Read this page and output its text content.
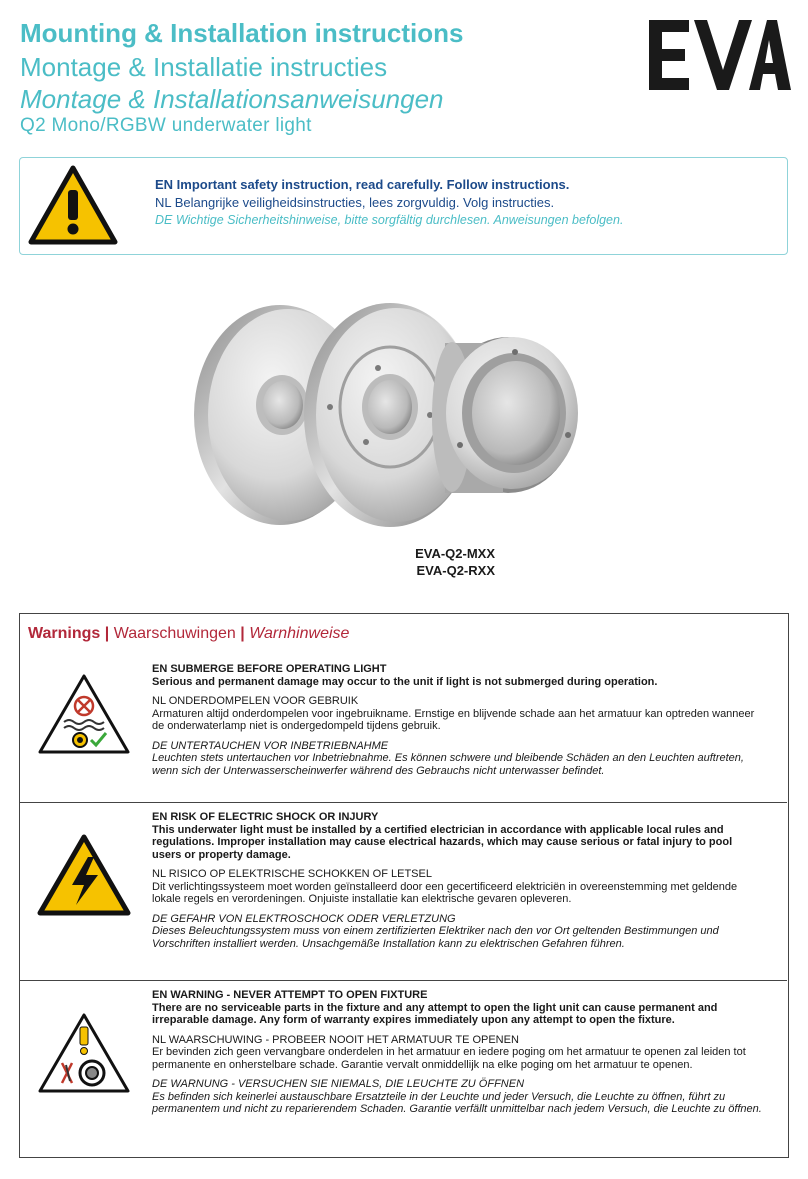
Mounting & Installation instructions
Montage & Installatie instructies
Montage & Installationsanweisungen
Q2 Mono/RGBW underwater light
EN Important safety instruction, read carefully. Follow instructions.
NL Belangrijke veiligheidsinstructies, lees zorgvuldig. Volg instructies.
DE Wichtige Sicherheitshinweise, bitte sorgfältig durchlesen. Anweisungen befolgen.
EVA-Q2-MXX
EVA-Q2-RXX
Warnings | Waarschuwingen | Warnhinweise
EN SUBMERGE BEFORE OPERATING LIGHT
Serious and permanent damage may occur to the unit if light is not submerged during operation.
NL ONDERDOMPELEN VOOR GEBRUIK
Armaturen altijd onderdompelen voor ingebruikname. Ernstige en blijvende schade aan het armatuur kan optreden wanneer de onderwaterlamp niet is ondergedompeld tijdens gebruik.
DE UNTERTAUCHEN VOR INBETRIEBNAHME
Leuchten stets untertauchen vor Inbetriebnahme. Es können schwere und bleibende Schäden an den Leuchten auftreten, wenn sich der Unterwasserscheinwerfer während des Gebrauchs nicht unterwasser befindet.
EN RISK OF ELECTRIC SHOCK OR INJURY
This underwater light must be installed by a certified electrician in accordance with applicable local rules and regulations. Improper installation may cause electrical hazards, which may cause serious or fatal injury to pool users or property damage.
NL RISICO OP ELEKTRISCHE SCHOKKEN OF LETSEL
Dit verlichtingssysteem moet worden geïnstalleerd door een gecertificeerd elektriciën in overeenstemming met geldende lokale regels en verordeningen. Onjuiste installatie kan elektrische gevaren opleveren.
DE GEFAHR VON ELEKTROSCHOCK ODER VERLETZUNG
Dieses Beleuchtungssystem muss von einem zertifizierten Elektriker nach den vor Ort geltenden Bestimmungen und Vorschriften installiert werden. Unsachgemäße Installation kann zu elektrischen Gefahren führen.
EN WARNING - NEVER ATTEMPT TO OPEN FIXTURE
There are no serviceable parts in the fixture and any attempt to open the light unit can cause permanent and irreparable damage. Any form of warranty expires immediately upon any attempt to open the fixture.
NL WAARSCHUWING - PROBEER NOOIT HET ARMATUUR TE OPENEN
Er bevinden zich geen vervangbare onderdelen in het armatuur en iedere poging om het armatuur te openen zal leiden tot permanente en onherstelbare schade. Garantie vervalt onmiddellijk na elke poging om het armatuur te openen.
DE WARNUNG - VERSUCHEN SIE NIEMALS, DIE LEUCHTE ZU ÖFFNEN
Es befinden sich keinerlei austauschbare Ersatzteile in der Leuchte und jeder Versuch, die Leuchte zu öffnen, führt zu permanentem und nicht zu reparierendem Schaden. Garantie verfällt unmittelbar nach jedem Versuch, die Leuchte zu öffnen.
